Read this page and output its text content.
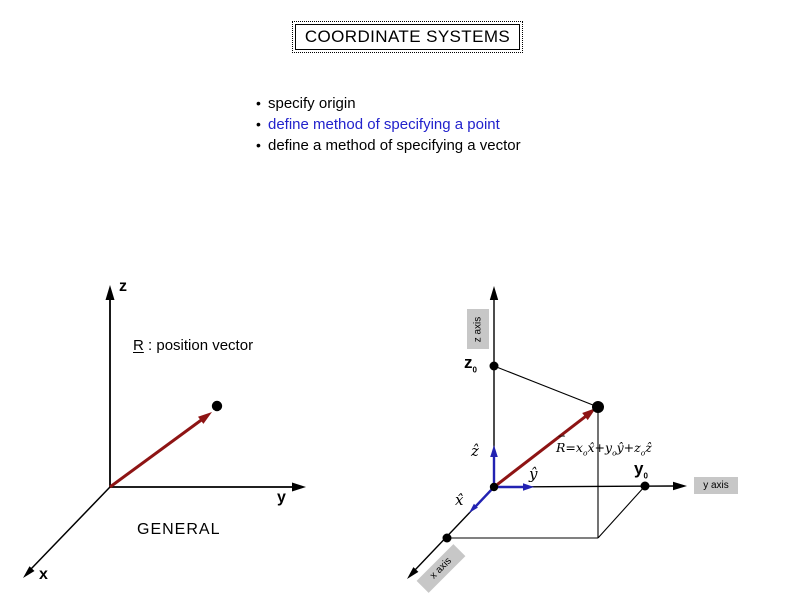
COORDINATE SYSTEMS
• specify origin
• define method of specifying a point
• define a method of specifying a vector
z
y
x
R : position vector
GENERAL
z axis
y axis
x axis
$z_0$
$y_0$
ẑ
ŷ
x̂
⇀
$R=x_ox̂+y_oŷ+z_oẑ$
